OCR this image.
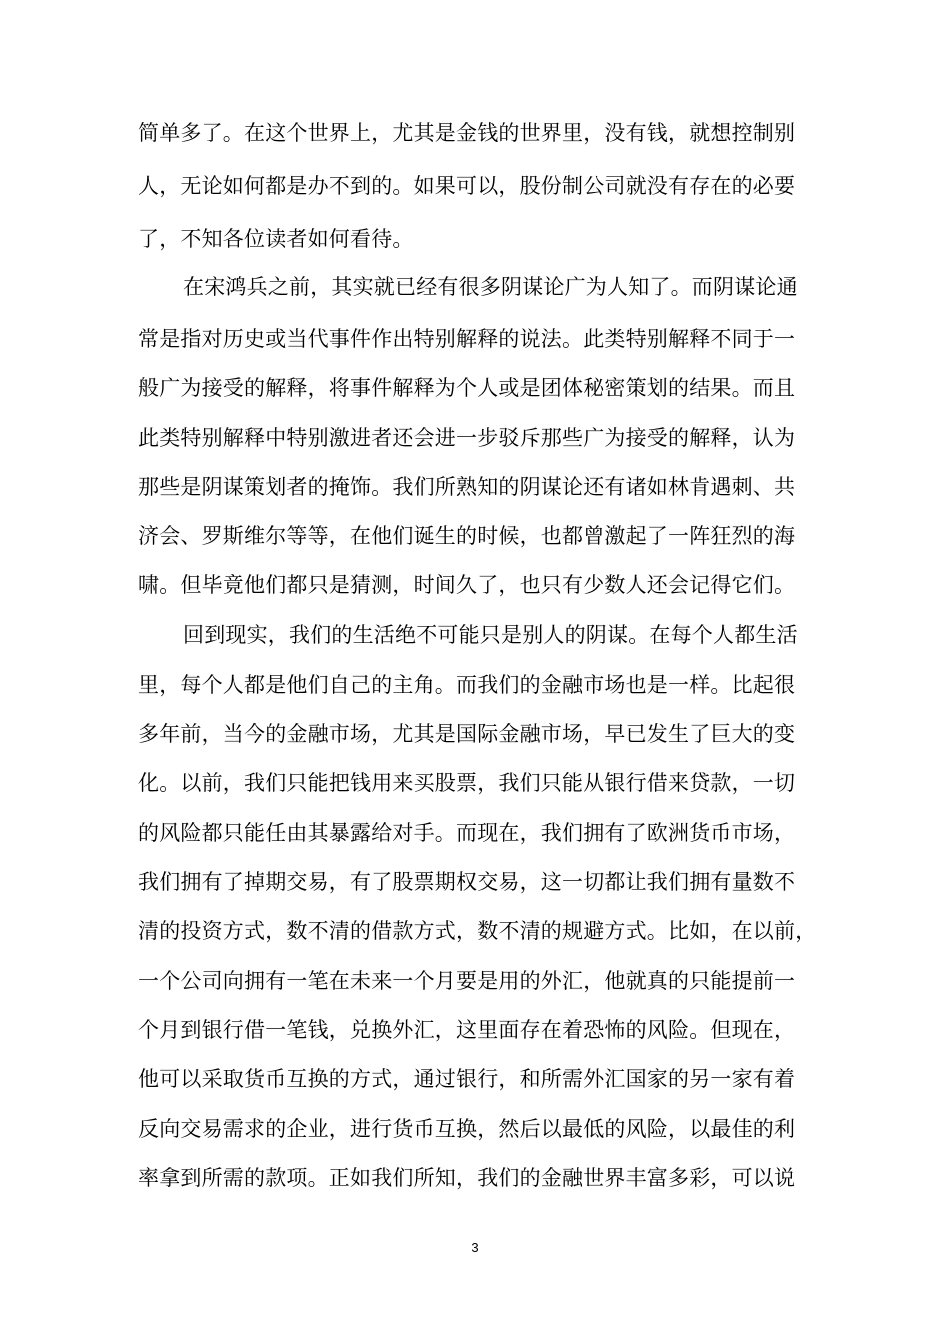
简单多了。在这个世界上，尤其是金钱的世界里，没有钱，就想控制别
人，无论如何都是办不到的。如果可以，股份制公司就没有存在的必要
了，不知各位读者如何看待。
在宋鸿兵之前，其实就已经有很多阴谋论广为人知了。而阴谋论通
常是指对历史或当代事件作出特别解释的说法。此类特别解释不同于一
般广为接受的解释，将事件解释为个人或是团体秘密策划的结果。而且
此类特别解释中特别激进者还会进一步驳斥那些广为接受的解释，认为
那些是阴谋策划者的掩饰。我们所熟知的阴谋论还有诸如林肯遇刺、共
济会、罗斯维尔等等，在他们诞生的时候，也都曾激起了一阵狂烈的海
啸。但毕竟他们都只是猜测，时间久了，也只有少数人还会记得它们。
回到现实，我们的生活绝不可能只是别人的阴谋。在每个人都生活
里，每个人都是他们自己的主角。而我们的金融市场也是一样。比起很
多年前，当今的金融市场，尤其是国际金融市场，早已发生了巨大的变
化。以前，我们只能把钱用来买股票，我们只能从银行借来贷款，一切
的风险都只能任由其暴露给对手。而现在，我们拥有了欧洲货币市场，
我们拥有了掉期交易，有了股票期权交易，这一切都让我们拥有量数不
清的投资方式，数不清的借款方式，数不清的规避方式。比如，在以前，
一个公司向拥有一笔在未来一个月要是用的外汇，他就真的只能提前一
个月到银行借一笔钱，兑换外汇，这里面存在着恐怖的风险。但现在，
他可以采取货币互换的方式，通过银行，和所需外汇国家的另一家有着
反向交易需求的企业，进行货币互换，然后以最低的风险，以最佳的利
率拿到所需的款项。正如我们所知，我们的金融世界丰富多彩，可以说
3
